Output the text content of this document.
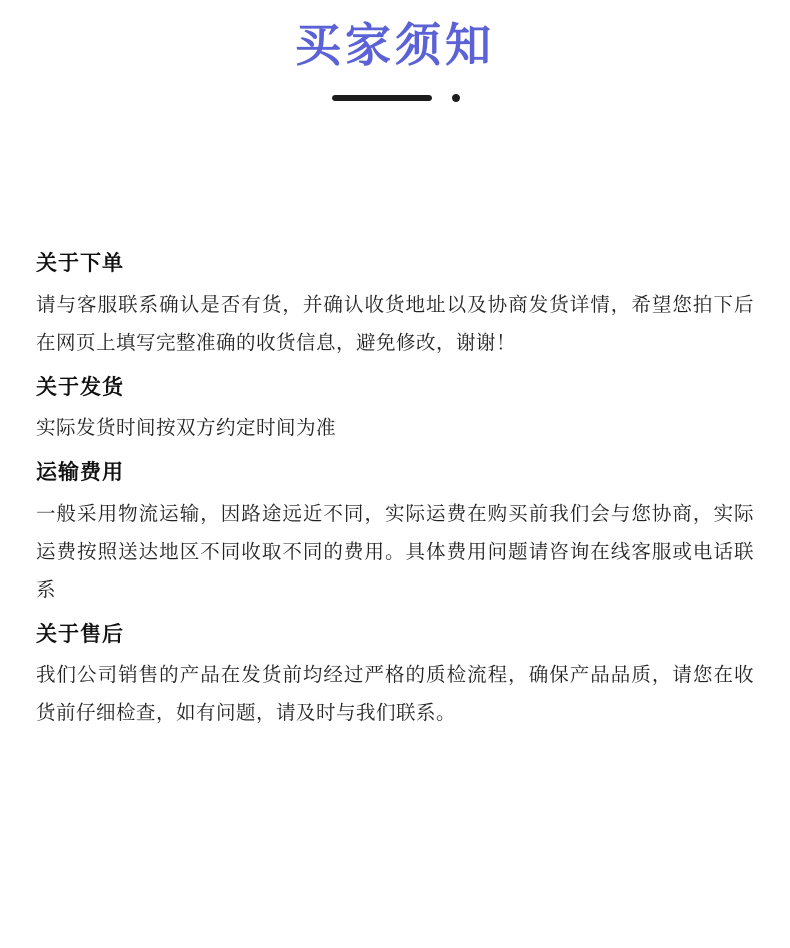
买家须知
关于下单
请与客服联系确认是否有货，并确认收货地址以及协商发货详情，希望您拍下后在网页上填写完整准确的收货信息，避免修改，谢谢！
关于发货
实际发货时间按双方约定时间为准
运输费用
一般采用物流运输，因路途远近不同，实际运费在购买前我们会与您协商，实际运费按照送达地区不同收取不同的费用。具体费用问题请咨询在线客服或电话联系
关于售后
我们公司销售的产品在发货前均经过严格的质检流程，确保产品品质，请您在收货前仔细检查，如有问题，请及时与我们联系。
